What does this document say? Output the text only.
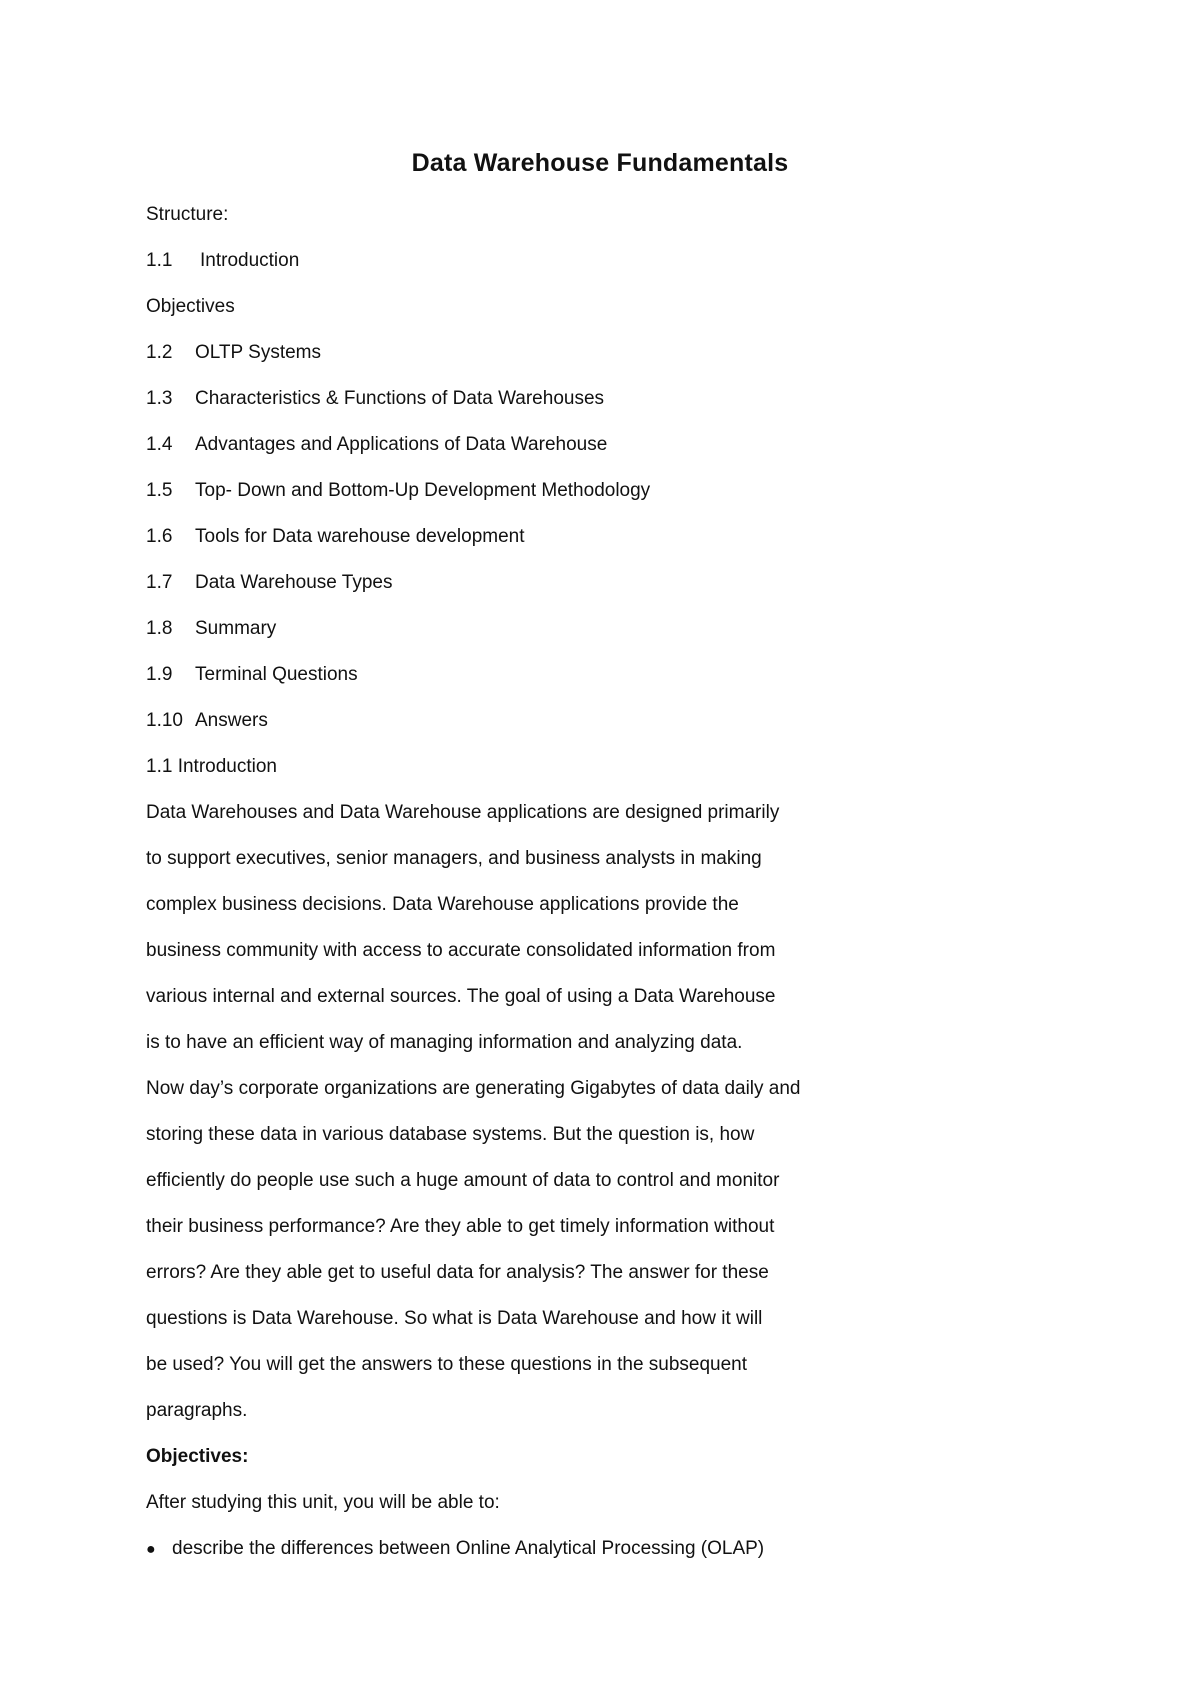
Data Warehouse Fundamentals
Structure:
1.1 Introduction
Objectives
1.2 OLTP Systems
1.3 Characteristics & Functions of Data Warehouses
1.4 Advantages and Applications of Data Warehouse
1.5 Top- Down and Bottom-Up Development Methodology
1.6 Tools for Data warehouse development
1.7 Data Warehouse Types
1.8 Summary
1.9 Terminal Questions
1.10 Answers
1.1 Introduction
Data Warehouses and Data Warehouse applications are designed primarily
to support executives, senior managers, and business analysts in making
complex business decisions. Data Warehouse applications provide the
business community with access to accurate consolidated information from
various internal and external sources. The goal of using a Data Warehouse
is to have an efficient way of managing information and analyzing data.
Now day’s corporate organizations are generating Gigabytes of data daily and
storing these data in various database systems. But the question is, how
efficiently do people use such a huge amount of data to control and monitor
their business performance? Are they able to get timely information without
errors? Are they able get to useful data for analysis? The answer for these
questions is Data Warehouse. So what is Data Warehouse and how it will
be used? You will get the answers to these questions in the subsequent
paragraphs.
Objectives:
After studying this unit, you will be able to:
● describe the differences between Online Analytical Processing (OLAP)
